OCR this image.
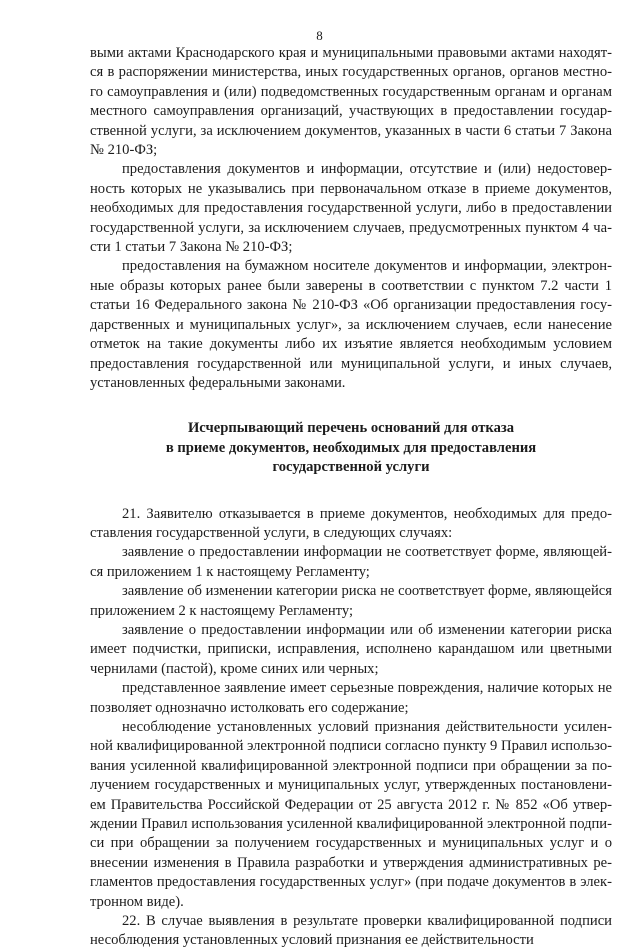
8

выми актами Краснодарского края и муниципальными правовыми актами находятся в распоряжении министерства, иных государственных органов, органов местного самоуправления и (или) подведомственных государственным органам и органам местного самоуправления организаций, участвующих в предоставлении государственной услуги, за исключением документов, указанных в части 6 статьи 7 Закона № 210-ФЗ;

предоставления документов и информации, отсутствие и (или) недостоверность которых не указывались при первоначальном отказе в приеме документов, необходимых для предоставления государственной услуги, либо в предоставлении государственной услуги, за исключением случаев, предусмотренных пунктом 4 части 1 статьи 7 Закона № 210-ФЗ;

предоставления на бумажном носителе документов и информации, электронные образы которых ранее были заверены в соответствии с пунктом 7.2 части 1 статьи 16 Федерального закона № 210-ФЗ «Об организации предоставления государственных и муниципальных услуг», за исключением случаев, если нанесение отметок на такие документы либо их изъятие является необходимым условием предоставления государственной или муниципальной услуги, и иных случаев, установленных федеральными законами.

Исчерпывающий перечень оснований для отказа
в приеме документов, необходимых для предоставления
государственной услуги

21. Заявителю отказывается в приеме документов, необходимых для предоставления государственной услуги, в следующих случаях:

заявление о предоставлении информации не соответствует форме, являющейся приложением 1 к настоящему Регламенту;

заявление об изменении категории риска не соответствует форме, являющейся приложением 2 к настоящему Регламенту;

заявление о предоставлении информации или об изменении категории риска имеет подчистки, приписки, исправления, исполнено карандашом или цветными чернилами (пастой), кроме синих или черных;

представленное заявление имеет серьезные повреждения, наличие которых не позволяет однозначно истолковать его содержание;

несоблюдение установленных условий признания действительности усиленной квалифицированной электронной подписи согласно пункту 9 Правил использования усиленной квалифицированной электронной подписи при обращении за получением государственных и муниципальных услуг, утвержденных постановлением Правительства Российской Федерации от 25 августа 2012 г. № 852 «Об утверждении Правил использования усиленной квалифицированной электронной подписи при обращении за получением государственных и муниципальных услуг и о внесении изменения в Правила разработки и утверждения административных регламентов предоставления государственных услуг» (при подаче документов в электронном виде).

22. В случае выявления в результате проверки квалифицированной подписи несоблюдения установленных условий признания ее действительности
